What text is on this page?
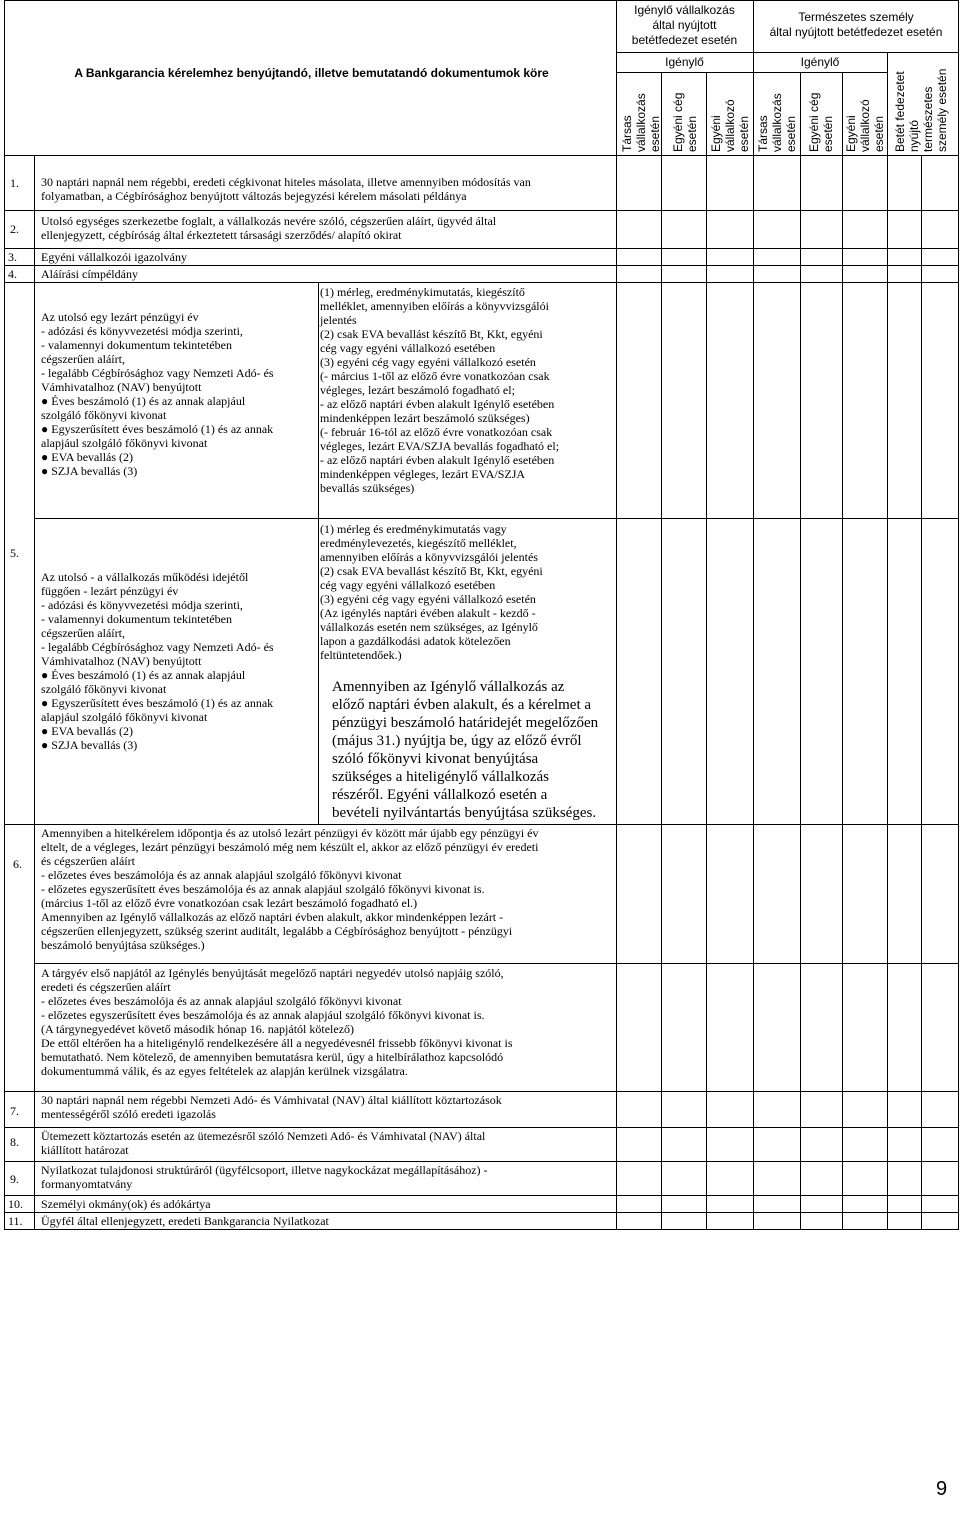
A Bankgarancia kérelemhez benyújtandó, illetve bemutatandó dokumentumok köre
Igénylő vállalkozás
által nyújtott
betétfedezet esetén
Természetes személy
által nyújtott betétfedezet esetén
Igénylő	Igénylő
Társas vállalkozás esetén Egyéni cég esetén Egyéni vállalkozó esetén Társas vállalkozás esetén Egyéni cég esetén Egyéni vállalkozó esetén Betét fedezetet nyújtó természetes személy esetén
1. 30 naptári napnál nem régebbi, eredeti cégkivonat hiteles másolata, illetve amennyiben módosítás van
folyamatban, a Cégbírósághoz benyújtott változás bejegyzési kérelem másolati példánya
2.
Utolsó egységes szerkezetbe foglalt, a vállalkozás nevére szóló, cégszerűen aláírt, ügyvéd által
ellenjegyzett, cégbíróság által érkeztetett társasági szerződés/ alapító okirat
3. Egyéni vállalkozói igazolvány
4. Aláírási címpéldány
5.
Az utolsó egy lezárt pénzügyi év
- adózási és könyvvezetési módja szerinti,
- valamennyi dokumentum tekintetében
cégszerűen aláírt,
- legalább Cégbírósághoz vagy Nemzeti Adó- és
Vámhivatalhoz (NAV) benyújtott
● Éves beszámoló (1) és az annak alapjául
szolgáló főkönyvi kivonat
● Egyszerűsített éves beszámoló (1) és az annak
alapjául szolgáló főkönyvi kivonat
● EVA bevallás (2)
● SZJA bevallás (3)
(1) mérleg, eredménykimutatás, kiegészítő
melléklet, amennyiben előírás a könyvvizsgálói
jelentés
(2) csak EVA bevallást készítő Bt, Kkt, egyéni
cég vagy egyéni vállalkozó esetében
(3) egyéni cég vagy egyéni vállalkozó esetén
(- március 1-től az előző évre vonatkozóan csak
végleges, lezárt beszámoló fogadható el;
- az előző naptári évben alakult Igénylő esetében
mindenképpen lezárt beszámoló szükséges)
(- február 16-tól az előző évre vonatkozóan csak
végleges, lezárt EVA/SZJA bevallás fogadható el;
- az előző naptári évben alakult Igénylő esetében
mindenképpen végleges, lezárt EVA/SZJA
bevallás szükséges)
Az utolsó - a vállalkozás működési idejétől
függően - lezárt pénzügyi év
- adózási és könyvvezetési módja szerinti,
- valamennyi dokumentum tekintetében
cégszerűen aláírt,
- legalább Cégbírósághoz vagy Nemzeti Adó- és
Vámhivatalhoz (NAV) benyújtott
● Éves beszámoló (1) és az annak alapjául
szolgáló főkönyvi kivonat
● Egyszerűsített éves beszámoló (1) és az annak
alapjául szolgáló főkönyvi kivonat
● EVA bevallás (2)
● SZJA bevallás (3)
(1) mérleg és eredménykimutatás vagy
eredménylevezetés, kiegészítő melléklet,
amennyiben előírás a könyvvizsgálói jelentés
(2) csak EVA bevallást készítő Bt, Kkt, egyéni
cég vagy egyéni vállalkozó esetében
(3) egyéni cég vagy egyéni vállalkozó esetén
(Az igénylés naptári évében alakult - kezdő -
vállalkozás esetén nem szükséges, az Igénylő
lapon a gazdálkodási adatok kötelezően
feltüntetendőek.)
Amennyiben az Igénylő vállalkozás az
előző naptári évben alakult, és a kérelmet a
pénzügyi beszámoló határidejét megelőzően
(május 31.) nyújtja be, úgy az előző évről
szóló főkönyvi kivonat benyújtása
szükséges a hiteligénylő vállalkozás
részéről. Egyéni vállalkozó esetén a
bevételi nyilvántartás benyújtása szükséges.
6.
Amennyiben a hitelkérelem időpontja és az utolsó lezárt pénzügyi év között már újabb egy pénzügyi év
eltelt, de a végleges, lezárt pénzügyi beszámoló még nem készült el, akkor az előző pénzügyi év eredeti
és cégszerűen aláírt
- előzetes éves beszámolója és az annak alapjául szolgáló főkönyvi kivonat
- előzetes egyszerűsített éves beszámolója és az annak alapjául szolgáló főkönyvi kivonat is.
(március 1-től az előző évre vonatkozóan csak lezárt beszámoló fogadható el.)
Amennyiben az Igénylő vállalkozás az előző naptári évben alakult, akkor mindenképpen lezárt -
cégszerűen ellenjegyzett, szükség szerint auditált, legalább a Cégbírósághoz benyújtott - pénzügyi
beszámoló benyújtása szükséges.)
A tárgyév első napjától az Igénylés benyújtását megelőző naptári negyedév utolsó napjáig szóló,
eredeti és cégszerűen aláírt
- előzetes éves beszámolója és az annak alapjául szolgáló főkönyvi kivonat
- előzetes egyszerűsített éves beszámolója és az annak alapjául szolgáló főkönyvi kivonat is.
(A tárgynegyedévet követő második hónap 16. napjától kötelező)
De ettől eltérően ha a hiteligénylő rendelkezésére áll a negyedévesnél frissebb főkönyvi kivonat is
bemutatható. Nem kötelező, de amennyiben bemutatásra kerül, úgy a hitelbírálathoz kapcsolódó
dokumentummá válik, és az egyes feltételek az alapján kerülnek vizsgálatra.
7.
30 naptári napnál nem régebbi Nemzeti Adó- és Vámhivatal (NAV) által kiállított köztartozások
mentességéről szóló eredeti igazolás
8. Ütemezett köztartozás esetén az ütemezésről szóló Nemzeti Adó- és Vámhivatal (NAV) által
kiállított határozat
9.
Nyilatkozat tulajdonosi struktúráról (ügyfélcsoport, illetve nagykockázat megállapításához) -
formanyomtatvány
10. Személyi okmány(ok) és adókártya
11. Ügyfél által ellenjegyzett, eredeti Bankgarancia Nyilatkozat
9
